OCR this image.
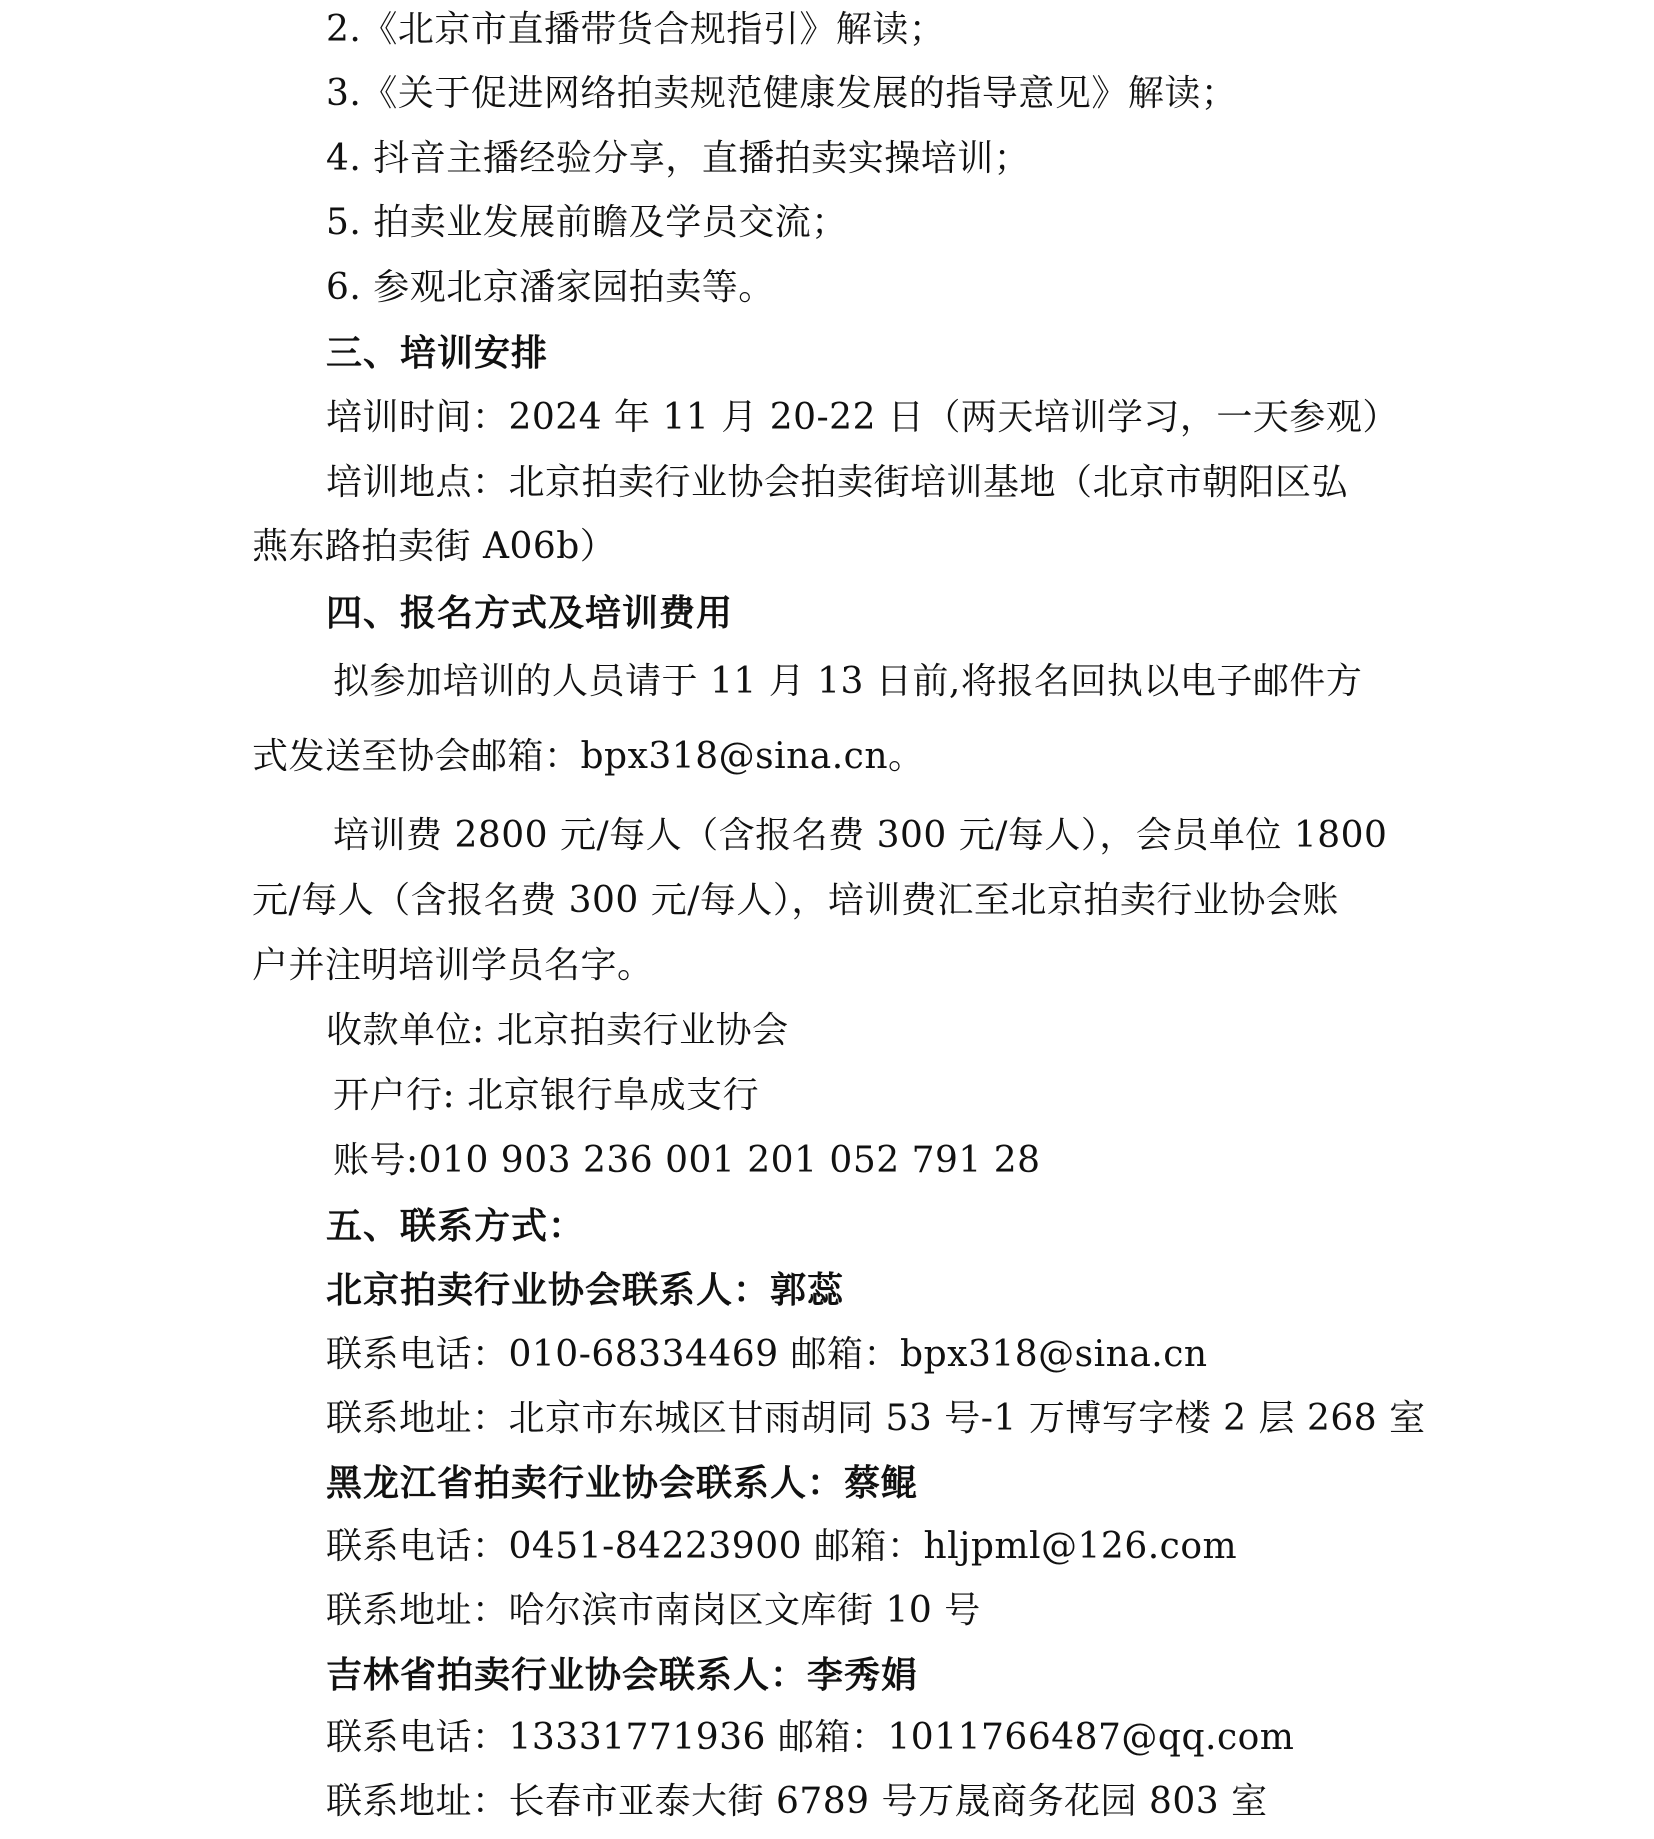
2.《北京市直播带货合规指引》解读；
3.《关于促进网络拍卖规范健康发展的指导意见》解读；
4. 抖音主播经验分享，直播拍卖实操培训；
5. 拍卖业发展前瞻及学员交流；
6. 参观北京潘家园拍卖等。
三、培训安排
培训时间：2024 年 11 月 20-22 日（两天培训学习，一天参观）
培训地点：北京拍卖行业协会拍卖街培训基地（北京市朝阳区弘
燕东路拍卖街 A06b）
四、报名方式及培训费用
拟参加培训的人员请于 11 月 13 日前,将报名回执以电子邮件方
式发送至协会邮箱：bpx318@sina.cn。
培训费 2800 元/每人（含报名费 300 元/每人），会员单位 1800
元/每人（含报名费 300 元/每人），培训费汇至北京拍卖行业协会账
户并注明培训学员名字。
收款单位: 北京拍卖行业协会
开户行: 北京银行阜成支行
账号:010 903 236 001 201 052 791 28
五、联系方式：
北京拍卖行业协会联系人：郭蕊
联系电话：010-68334469 邮箱：bpx318@sina.cn
联系地址：北京市东城区甘雨胡同 53 号-1 万博写字楼 2 层 268 室
黑龙江省拍卖行业协会联系人：蔡鲲
联系电话：0451-84223900 邮箱：hljpml@126.com
联系地址：哈尔滨市南岗区文库街 10 号
吉林省拍卖行业协会联系人：李秀娟
联系电话：13331771936 邮箱：1011766487@qq.com
联系地址：长春市亚泰大街 6789 号万晟商务花园 803 室
